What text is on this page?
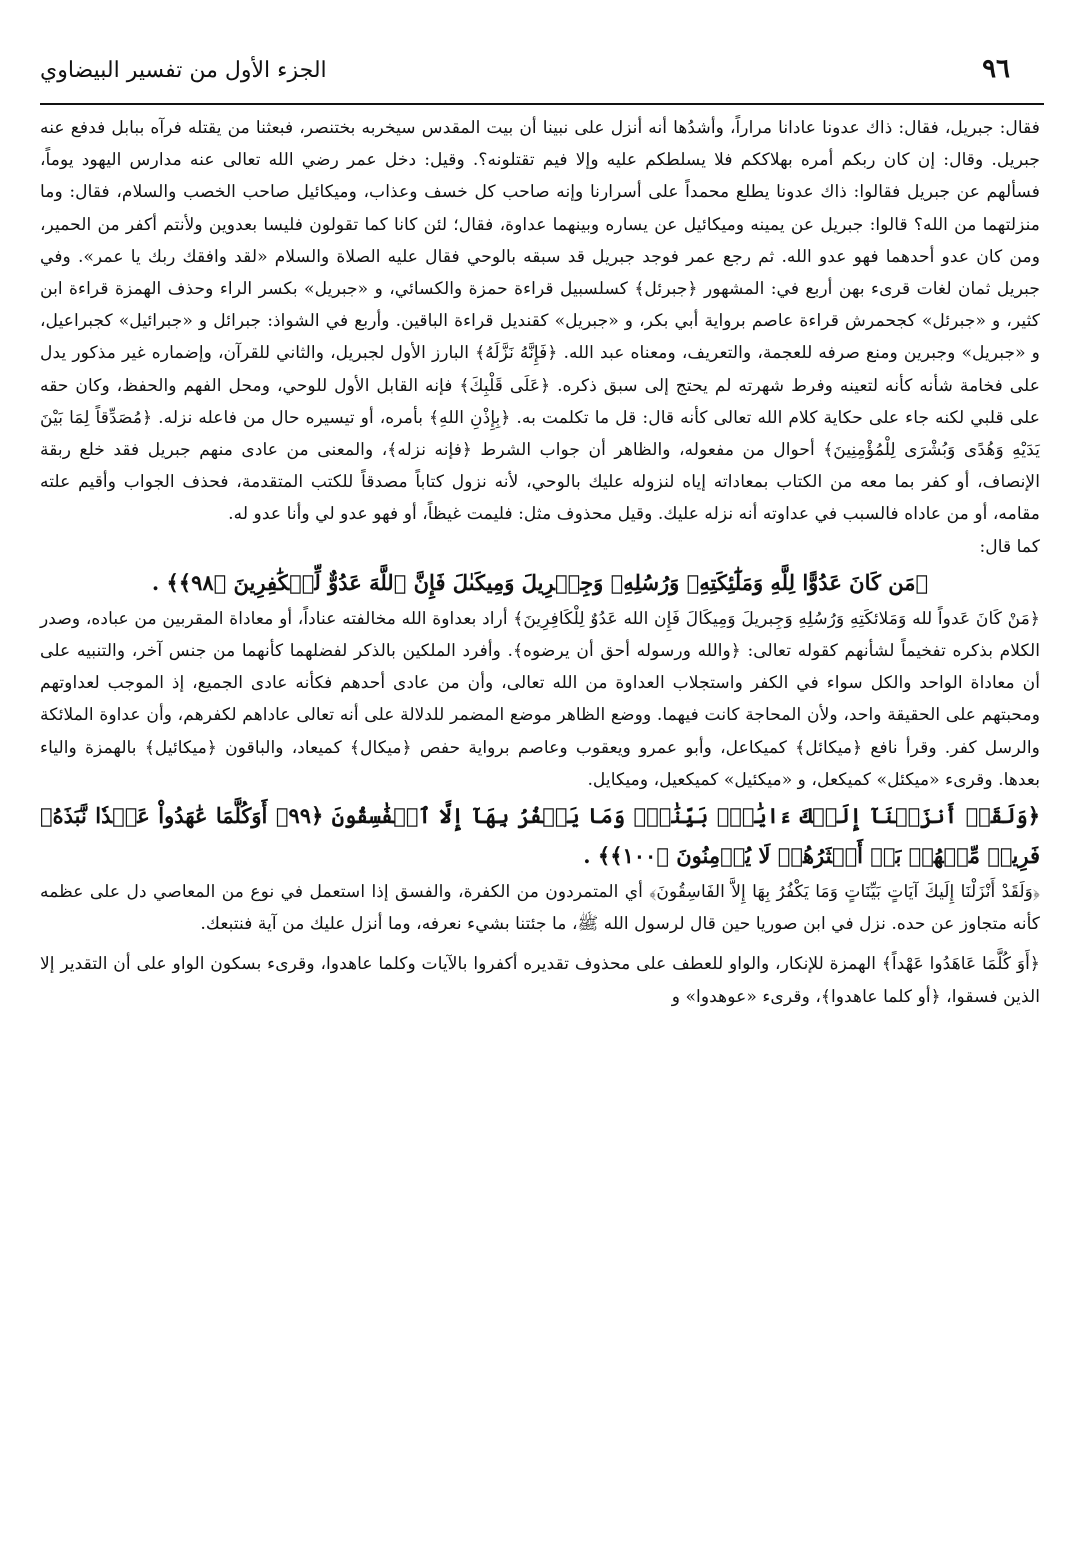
٩٦
الجزء الأول من تفسير البيضاوي

فقال: جبريل، فقال: ذاك عدونا عادانا مراراً، وأشدُها أنه أنزل على نبينا أن بيت المقدس سيخربه بختنصر، فبعثنا من يقتله فرآه ببابل فدفع عنه جبريل. وقال: إن كان ربكم أمره بهلاككم فلا يسلطكم عليه وإلا فيم تقتلونه؟. وقيل: دخل عمر رضي الله تعالى عنه مدارس اليهود يوماً، فسألهم عن جبريل فقالوا: ذاك عدونا يطلع محمداً على أسرارنا وإنه صاحب كل خسف وعذاب، وميكائيل صاحب الخصب والسلام، فقال: وما منزلتهما من الله؟ قالوا: جبريل عن يمينه وميكائيل عن يساره وبينهما عداوة، فقال؛ لئن كانا كما تقولون فليسا بعدوين ولأنتم أكفر من الحمير، ومن كان عدو أحدهما فهو عدو الله. ثم رجع عمر فوجد جبريل قد سبقه بالوحي فقال عليه الصلاة والسلام «لقد وافقك ربك يا عمر». وفي جبريل ثمان لغات قرىء بهن أربع في: المشهور ﴿جبرئل﴾ كسلسبيل قراءة حمزة والكسائي، و «جبريل» بكسر الراء وحذف الهمزة قراءة ابن كثير، و «جبرئل» كجحمرش قراءة عاصم برواية أبي بكر، و «جبريل» كقنديل قراءة الباقين. وأربع في الشواذ: جبرائل و «جبرائيل» كجبراعيل، و «جبريل» وجبرين ومنع صرفه للعجمة، والتعريف، ومعناه عبد الله. ﴿فَإِنَّهُ نَزَّلَهُ﴾ البارز الأول لجبريل، والثاني للقرآن، وإضماره غير مذكور يدل على فخامة شأنه كأنه لتعينه وفرط شهرته لم يحتج إلى سبق ذكره. ﴿عَلَى قَلْبِكَ﴾ فإنه القابل الأول للوحي، ومحل الفهم والحفظ، وكان حقه على قلبي لكنه جاء على حكاية كلام الله تعالى كأنه قال: قل ما تكلمت به. ﴿بِإِذْنِ اللهِ﴾ بأمره، أو تيسيره حال من فاعله نزله. ﴿مُصَدِّقاً لِمَا بَيْنَ يَدَيْهِ وَهُدًى وَبُشْرَى لِلْمُؤْمِنِينَ﴾ أحوال من مفعوله، والظاهر أن جواب الشرط ﴿فإنه نزله﴾، والمعنى من عادى منهم جبريل فقد خلع ربقة الإنصاف، أو كفر بما معه من الكتاب بمعاداته إياه لنزوله عليك بالوحي، لأنه نزول كتاباً مصدقاً للكتب المتقدمة، فحذف الجواب وأقيم علته مقامه، أو من عاداه فالسبب في عداوته أنه نزله عليك. وقيل محذوف مثل: فليمت غيظاً، أو فهو عدو لي وأنا عدو له.

كما قال:

﴿مَن كَانَ عَدُوًّا لِلَّهِ وَمَلَٰٓئِكَتِهِۦ وَرُسُلِهِۦ وَجِبۡرِيلَ وَمِيكَىٰلَ فَإِنَّ ٱللَّهَ عَدُوٌّ لِّلۡكَٰفِرِينَ ﴿٩٨﴾﴾ .

﴿مَنْ كَانَ عَدواً لله وَمَلائكَتِهِ وَرُسُلِهِ وَجِبريلَ وَمِيكَالَ فَإِن الله عَدُوٌ لِلْكَافِرِينَ﴾ أراد بعداوة الله مخالفته عناداً، أو معاداة المقربين من عباده، وصدر الكلام بذكره تفخيماً لشأنهم كقوله تعالى: ﴿والله ورسوله أحق أن يرضوه﴾. وأفرد الملكين بالذكر لفضلهما كأنهما من جنس آخر، والتنبيه على أن معاداة الواحد والكل سواء في الكفر واستجلاب العداوة من الله تعالى، وأن من عادى أحدهم فكأنه عادى الجميع، إذ الموجب لعداوتهم ومحبتهم على الحقيقة واحد، ولأن المحاجة كانت فيهما. ووضع الظاهر موضع المضمر للدلالة على أنه تعالى عاداهم لكفرهم، وأن عداوة الملائكة والرسل كفر. وقرأ نافع ﴿ميكائل﴾ كميكاعل، وأبو عمرو ويعقوب وعاصم برواية حفص ﴿ميكال﴾ كميعاد، والباقون ﴿ميكائيل﴾ بالهمزة والياء بعدها. وقرىء «ميكئل» كميكعل، و «ميكئيل» كميكعيل، وميكايل.

﴿وَلَقَدۡ أَنزَلۡنَآ إِلَيۡكَ ءَايَٰتِۭ بَيِّنَٰتٖۖ وَمَا يَكۡفُرُ بِهَآ إِلَّا ٱلۡفَٰسِقُونَ ﴿٩٩﴾ أَوَكُلَّمَا عَٰهَدُواْ عَهۡدٗا نَّبَذَهُۥ فَرِيقٞ مِّنۡهُمۚ بَلۡ أَكۡثَرُهُمۡ لَا يُؤۡمِنُونَ ﴿١٠٠﴾﴾ .

﴿وَلَقَدْ أَنْزَلْنَا إِلَيكَ آيَاتٍ بَيِّنَاتٍ وَمَا يَكْفُرُ بِهَا إِلاَّ الفَاسِقُونَ﴾ أي المتمردون من الكفرة، والفسق إذا استعمل في نوع من المعاصي دل على عظمه كأنه متجاوز عن حده. نزل في ابن صوريا حين قال لرسول الله ﷺ، ما جئتنا بشيء نعرفه، وما أنزل عليك من آية فنتبعك.

﴿أَوَ كُلَّمَا عَاهَدُوا عَهْداً﴾ الهمزة للإنكار، والواو للعطف على محذوف تقديره أكفروا بالآيات وكلما عاهدوا، وقرىء بسكون الواو على أن التقدير إلا الذين فسقوا، ﴿أو كلما عاهدوا﴾، وقرىء «عوهدوا» و
